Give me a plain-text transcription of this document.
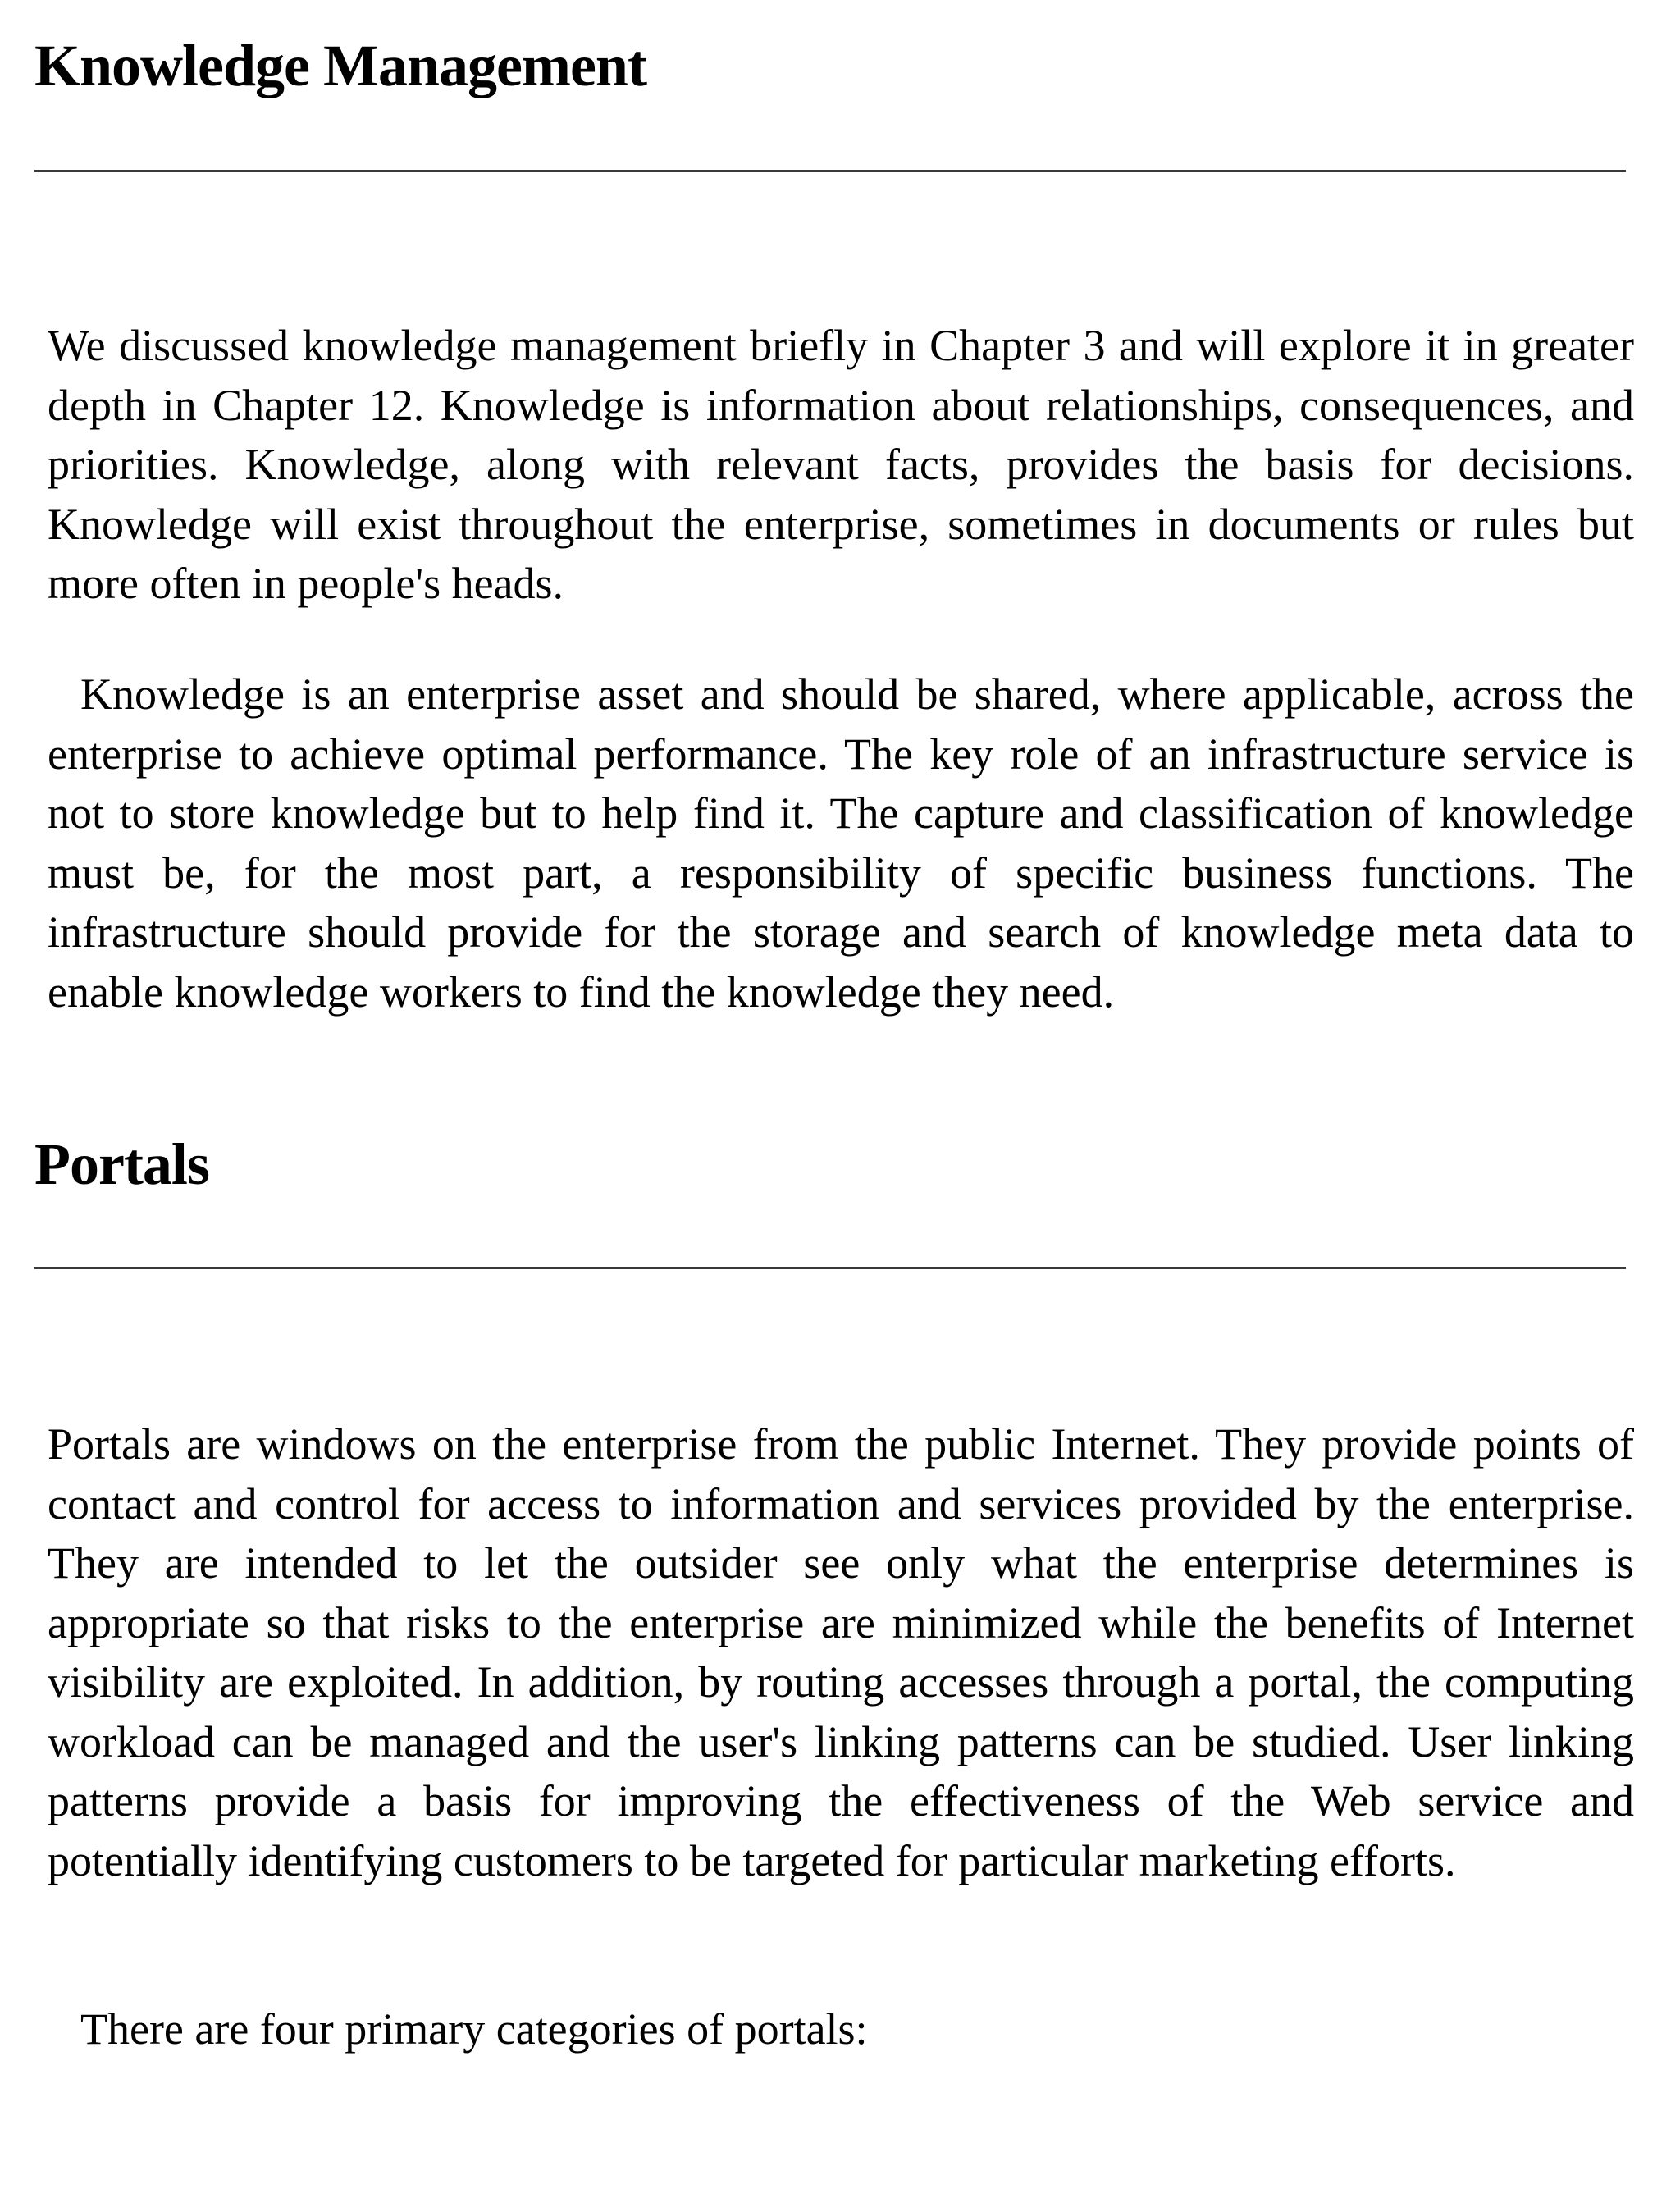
Knowledge Management

We discussed knowledge management briefly in Chapter 3 and will explore it in greater depth in Chapter 12. Knowledge is information about relationships, consequences, and priorities. Knowledge, along with relevant facts, provides the basis for decisions. Knowledge will exist throughout the enterprise, sometimes in documents or rules but more often in people's heads.

Knowledge is an enterprise asset and should be shared, where applicable, across the enterprise to achieve optimal performance. The key role of an infrastructure service is not to store knowledge but to help find it. The capture and classification of knowledge must be, for the most part, a responsibility of specific business functions. The infrastructure should provide for the storage and search of knowledge meta data to enable knowledge workers to find the knowledge they need.

Portals

Portals are windows on the enterprise from the public Internet. They provide points of contact and control for access to information and services provided by the enterprise. They are intended to let the outsider see only what the enterprise determines is appropriate so that risks to the enterprise are minimized while the benefits of Internet visibility are exploited. In addition, by routing accesses through a portal, the computing workload can be managed and the user's linking patterns can be studied. User linking patterns provide a basis for improving the effectiveness of the Web service and potentially identifying customers to be targeted for particular marketing efforts.

There are four primary categories of portals:
